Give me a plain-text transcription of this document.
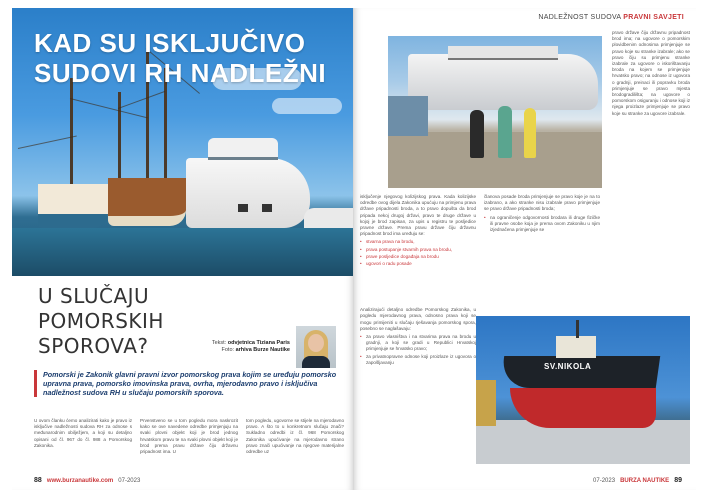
KAD SU ISKLJUČIVO
SUDOVI RH NADLEŽNI
U SLUČAJU POMORSKIH
SPOROVA?	Tekst: odvjetnica Tiziana Paris
Foto: arhiva Burze Nautike
Pomorski je Zakonik glavni pravni izvor pomorskog prava kojim se uređuju pomorsko upravna prava, pomorsko imovinska prava, ovrha, mjerodavno pravo i isključiva nadležnost sudova RH u slučaju pomorskih sporova.

U ovom članku ćemo analizirati kako je pravo iz isključive nadležnosti sudova RH za odnose s međunarodnim obilježjem, a koji su detaljno opisani od čl. 967 do čl. 988 a Pomorskog Zakonika.

Prvenstveno se u tom pogledu mora naskrozit kako se ove navedene odredbe primjenjuju na svaki plovni objekt koji je brod jednog hrvatskom pravu te na svaki plovni objekt koji je brod prema pravu države čiju državnu pripadnost ima. U

tom pogledu, ugovorne se stijele na mjerodavno pravo. A što to u konkretnom slučaju znači? Sukladno odredbi iz čl. 968 Pomorskog Zakonika upućivanje na mjerodavno strano pravo znači upućivanje na njegove materijalne odredbe uz

88 www.burzanautike.com 07-2023
NADLEŽNOST SUDOVA PRAVNI SAVJETI

isključenje njegovog kolizijskog prava. Kada kolizijske odredbe ovog dijela Zakonika upućuju na primjenu prava države pripadnosti broda, a to pravo dopušta da brod pripada nekoj drugoj državi, pravo te druge države u kojoj je brod zapisan, za upis u registru te posljedice pravne države. Prema pravu države čiju državnu pripadnost brod ima uređuju se:

• stvarna prava na brodu,
• prava postupanje stvarnih prava na brodu,
• prave posljedice događaja na brodu
• ugovori o radu posade

Analizirajući detaljno odredbe Pomorskog Zakonika, u pogledu mjerodavnog prava, odnosno prava koji se mogu primijeniti u slučaju rješavanja pomorskog spora, posebno se naglašavaju:

• za pravo vlasništva i na stvarima prava na brodu u gradnji, a koji se gradi u Republici Hrvatskoj primjenjuje se hrvatsko pravo;
• za privatnopravne odnose koji proizlaze iz ugovora o zapošljavanju

članova posade broda primjenjuje se pravo koje je na to izabrano, a ako stranke nisu izabrale pravo primjenjuje se pravo države pripadnosti broda;

• na ograničenje odgovornosti brodara ili druge fizičke ili pravne osobe koja je prema ovom Zakoniku u njim izjednačena primjenjuje se

pravo države čiju državnu pripadnost brod ima; na ugovore o pomorskim plovidbenim odnosima primjenjuje se pravo koje su stranke izabrale; ako se pravo čiju su primjenu stranke izabrale za ugovore o iskorištavanju broda na kojem se primjenjuje hrvatsko pravo; na odnose iz ugovora o gradnji, preinaci ili popravku broda primjenjuje se pravo mjesta brodogradilišta; na ugovore o pomorskom osiguranju i odnose koji iz njega proizlaze primjenjuje se pravo koje su stranke za ugovore izabrale.

SV.NIKOLA
07-2023 BURZA NAUTIKE 89
